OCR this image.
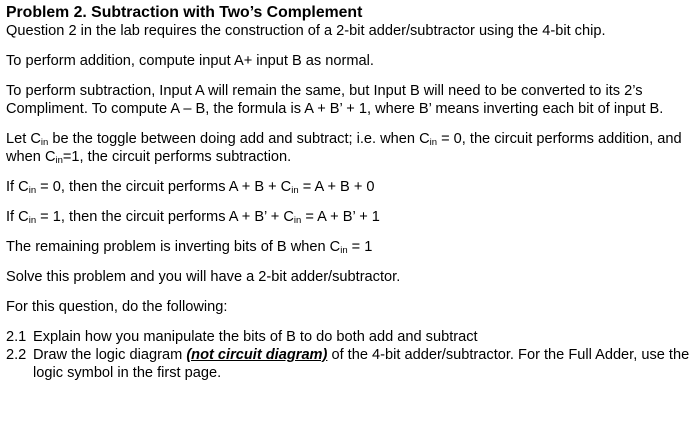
Problem 2. Subtraction with Two’s Complement

Question 2 in the lab requires the construction of a 2-bit adder/subtractor using the 4-bit chip.

To perform addition, compute input A+ input B as normal.

To perform subtraction, Input A will remain the same, but Input B will need to be converted to its 2’s Compliment. To compute A – B, the formula is A + B’ + 1, where B’ means inverting each bit of input B.

Let $C_{in}$ be the toggle between doing add and subtract; i.e. when $C_{in} = 0$, the circuit performs addition, and when $C_{in}=1$, the circuit performs subtraction.

If $C_{in} = 0$, then the circuit performs $A + B + C_{in} = A + B + 0$

If $C_{in} = 1$, then the circuit performs A + B’ + $C_{in} = A + B$’ + 1

The remaining problem is inverting bits of B when $C_{in} = 1$

Solve this problem and you will have a 2-bit adder/subtractor.

For this question, do the following:

2.1 Explain how you manipulate the bits of B to do both add and subtract
2.2 Draw the logic diagram (not circuit diagram) of the 4-bit adder/subtractor. For the Full Adder, use the logic symbol in the first page.
